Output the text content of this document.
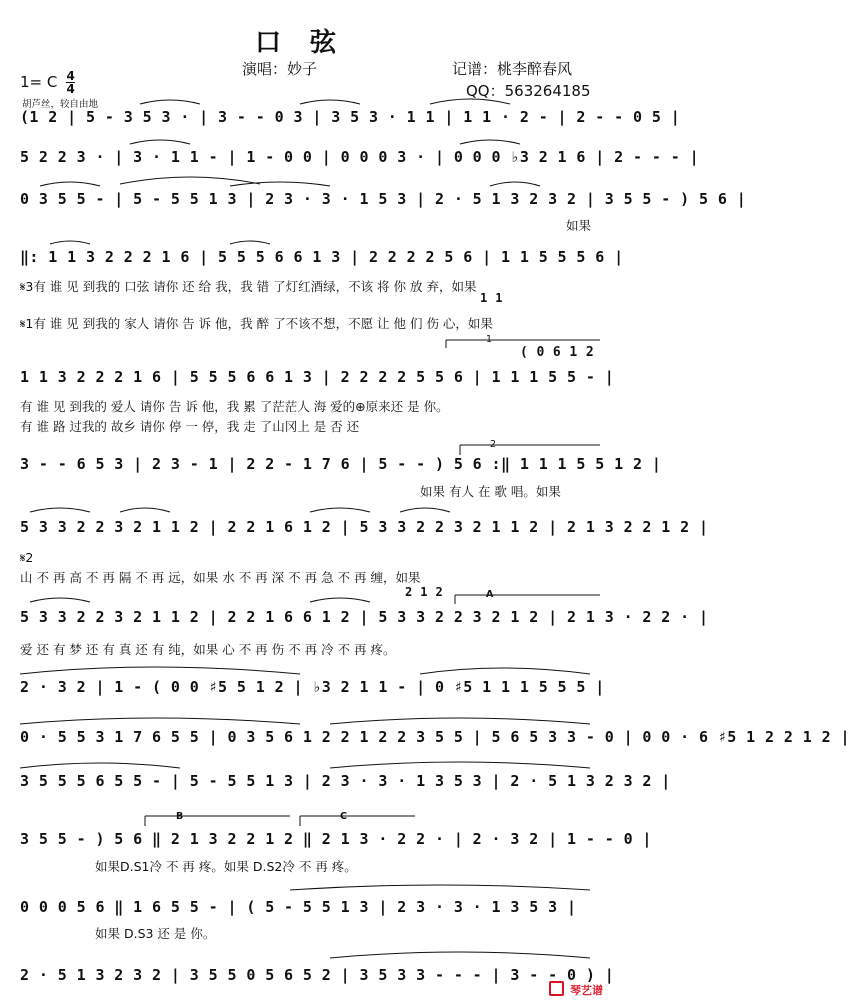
口 弦
演唱：妙子	记谱：桃李醉春风
QQ：563264185
1= C $\frac{4}{4}$
胡芦丝，较自由地
(1 2 | 5 - 3 5 3 · | 3 - - 0 3 | 3 5 3 · 1 1 | 1 1 · 2 - | 2 - - 0 5 |
5 2 2 3 · | 3 · 1 1 - | 1 - 0 0 | 0 0 0 3 · | 0 0 0 ♭3 2 1 6 | 2 - - - |
0 3 5 5 - | 5 - 5 5 1 3 | 2 3 · 3 · 1 5 3 | 2 · 5 1 3 2 3 2 | 3 5 5 - ) 5 6 |
‖: 1 1 3 2 2 2 1 6 | 5 5 5 6 6 1 3 | 2 2 2 2 5 6 | 1 1 5 5 5 6 |
1 1 3 2 2 2 1 6 | 5 5 5 6 6 1 3 | 2 2 2 2 5 5 6 | 1 1 1 5 5 - |
3 - - 6 5 3 | 2 3 - 1 | 2 2 - 1 7 6 | 5 - - ) 5 6 :‖ 1 1 1 5 5 1 2 |
5 3 3 2 2 3 2 1 1 2 | 2 2 1 6 1 2 | 5 3 3 2 2 3 2 1 1 2 | 2 1 3 2 2 1 2 |
5 3 3 2 2 3 2 1 1 2 | 2 2 1 6 6 1 2 | 5 3 3 2 2 3 2 1 2 | 2 1 3 · 2 2 · |
2 · 3 2 | 1 - ( 0 0 ♯5 5 1 2 | ♭3 2 1 1 - | 0 ♯5 1 1 1 5 5 5 |
0 · 5 5 3 1 7 6 5 5 | 0 3 5 6 1 2 2 1 2 2 3 5 5 | 5 6 5 3 3 - 0 | 0 0 · 6 ♯5 1 2 2 1 2 |
3 5 5 5 6 5 5 - | 5 - 5 5 1 3 | 2 3 · 3 · 1 3 5 3 | 2 · 5 1 3 2 3 2 |
3 5 5 - ) 5 6 ‖ 2 1 3 2 2 1 2 ‖ 2 1 3 · 2 2 · | 2 · 3 2 | 1 - - 0 |
0 0 0 5 6 ‖ 1 6 5 5 - | ( 5 - 5 5 1 3 | 2 3 · 3 · 1 3 5 3 |
2 · 5 1 3 2 3 2 | 3 5 5 0 5 6 5 2 | 3 5 3 3 - - - | 3 - - 0 ) |
如果
𝄋3有 谁 见 到我的 口弦 请你 还 给 我，我 错 了灯红酒绿，不该 将 你 放 弃，如果
𝄋1有 谁 见 到我的 家人 请你 告 诉 他，我 醉 了不该不想，不愿 让 他 们 伤 心，如果
有 谁 见 到我的 爱人 请你 告 诉 他，我 累 了茫茫人 海 爱的⊕原来还 是 你。
有 谁 路 过我的 故乡 请你 停 一 停，我 走 了山冈上 是 否 还
如果 有人 在 歌 唱。如果
𝄋2
山 不 再 高 不 再 隔 不 再 远，如果 水 不 再 深 不 再 急 不 再 缠，如果
爱 还 有 梦 还 有 真 还 有 纯，如果 心 不 再 伤 不 再 冷 不 再 疼。
如果D.S1冷 不 再 疼。如果 D.S2冷 不 再 疼。
如果 D.S3 还 是 你。
1
2
A
B	C
( 0 6 1 2
1 1
2 1 2
琴艺谱
